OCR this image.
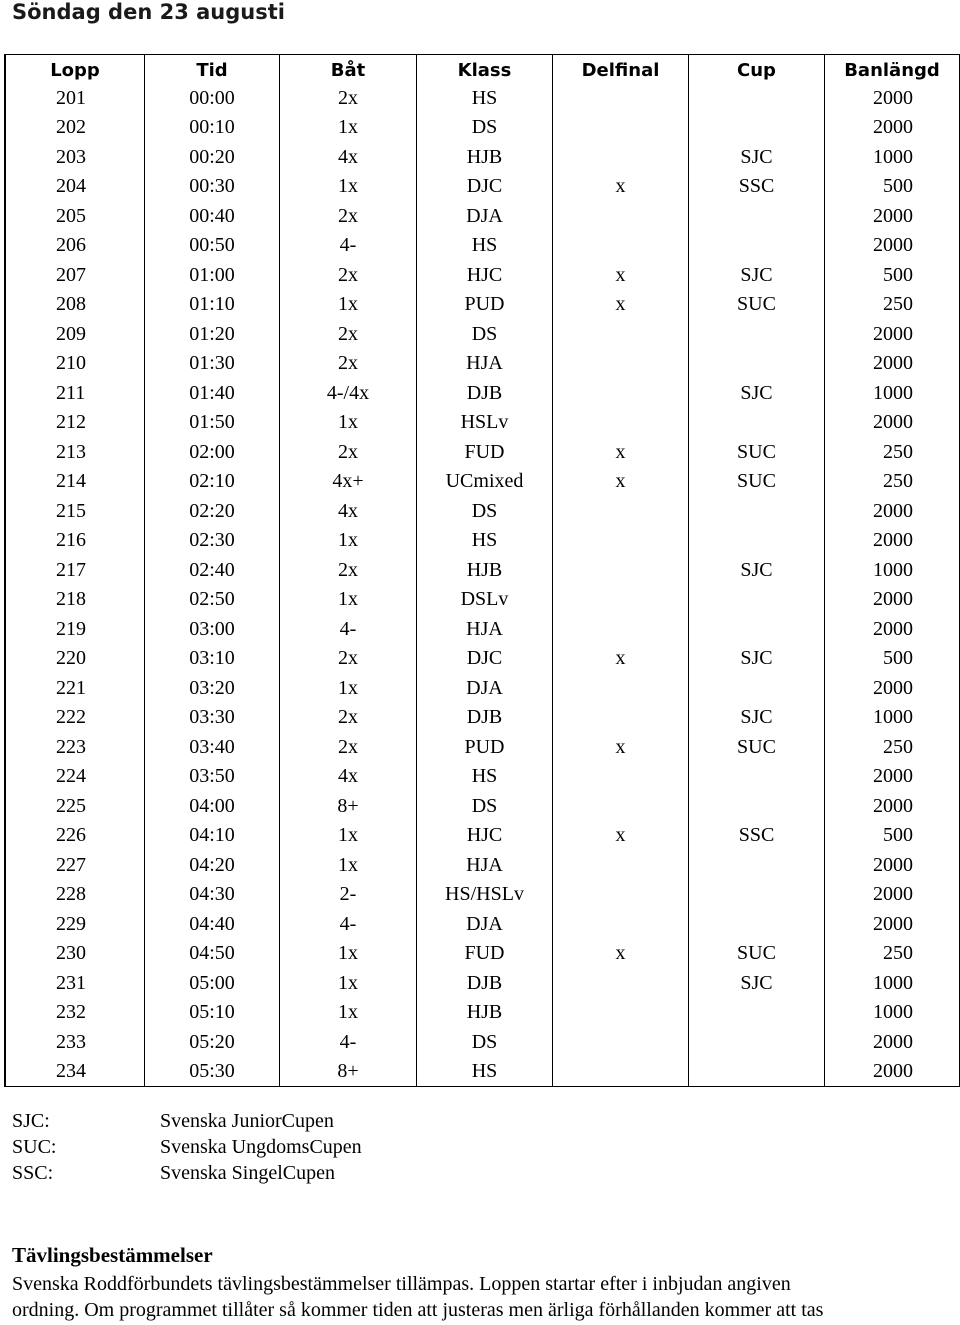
Söndag den 23 augusti
Lopp	Tid	Båt	Klass	Delfinal	Cup	Banlängd
201	00:00	2x	HS			2000
202	00:10	1x	DS			2000
203	00:20	4x	HJB		SJC	1000
204	00:30	1x	DJC	x	SSC	500
205	00:40	2x	DJA			2000
206	00:50	4-	HS			2000
207	01:00	2x	HJC	x	SJC	500
208	01:10	1x	PUD	x	SUC	250
209	01:20	2x	DS			2000
210	01:30	2x	HJA			2000
211	01:40	4-/4x	DJB		SJC	1000
212	01:50	1x	HSLv			2000
213	02:00	2x	FUD	x	SUC	250
214	02:10	4x+	UCmixed	x	SUC	250
215	02:20	4x	DS			2000
216	02:30	1x	HS			2000
217	02:40	2x	HJB		SJC	1000
218	02:50	1x	DSLv			2000
219	03:00	4-	HJA			2000
220	03:10	2x	DJC	x	SJC	500
221	03:20	1x	DJA			2000
222	03:30	2x	DJB		SJC	1000
223	03:40	2x	PUD	x	SUC	250
224	03:50	4x	HS			2000
225	04:00	8+	DS			2000
226	04:10	1x	HJC	x	SSC	500
227	04:20	1x	HJA			2000
228	04:30	2-	HS/HSLv			2000
229	04:40	4-	DJA			2000
230	04:50	1x	FUD	x	SUC	250
231	05:00	1x	DJB		SJC	1000
232	05:10	1x	HJB			1000
233	05:20	4-	DS			2000
234	05:30	8+	HS			2000
SJC:	Svenska JuniorCupen
SUC:	Svenska UngdomsCupen
SSC:	Svenska SingelCupen
Tävlingsbestämmelser
Svenska Roddförbundets tävlingsbestämmelser tillämpas. Loppen startar efter i inbjudan angiven
ordning. Om programmet tillåter så kommer tiden att justeras men ärliga förhållanden kommer att tas
